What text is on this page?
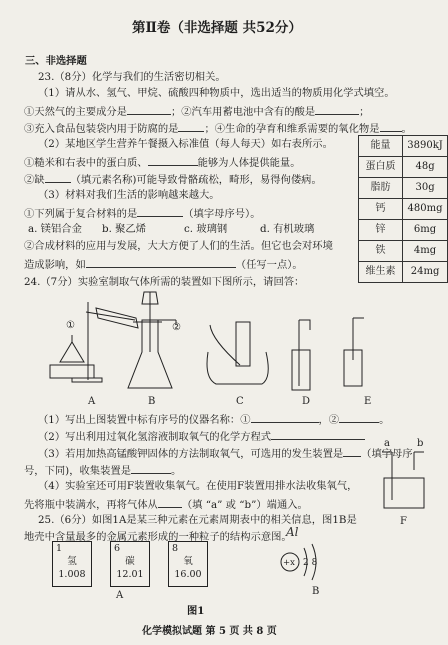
第Ⅱ卷（非选择题 共52分）
三、非选择题
23.（8分）化学与我们的生活密切相关。
（1）请从水、氢气、甲烷、硫酸四种物质中，选出适当的物质用化学式填空。
①天然气的主要成分是	；②汽车用蓄电池中含有的酸是	；
③充入食品包装袋内用于防腐的是	；④生命的孕育和维系需要的氧化物是 。
（2）某地区学生营养午餐摄入标准值（每人每天）如右表所示。
①糙米和右表中的蛋白质、	能够为人体提供能量。
②缺	（填元素名称)可能导致骨骼疏松，畸形，易得佝偻病。
（3）材料对我们生活的影响越来越大。
①下列属于复合材料的是	（填字母序号）。
a. 镁铝合金 b. 聚乙烯	c. 玻璃钢	d. 有机玻璃
②合成材料的应用与发展，大大方便了人们的生活。但它也会对环境
造成影响，如	（任写一点）。
能量	3890kJ
蛋白质	48g
脂肪	30g
钙	480mg
锌	6mg
铁	4mg
维生素	24mg
24.（7分）实验室制取气体所需的装置如下图所示，请回答：
①	②
A	B	C	D	E
a	b
F
+x 2 8
Al
B
A
（1）写出上图装置中标有序号的仪器名称：①	，②	。
（2）写出利用过氧化氢溶液制取氧气的化学方程式
（3）若用加热高锰酸钾固体的方法制取氧气，可选用的发生装置是 （填字母序
号，下同)，收集装置是	。
（4）实验室还可用F装置收集氧气。在使用F装置用排水法收集氧气，
先将瓶中装满水，再将气体从 （填 “a” 或 “b”）端通入。
25.（6分）如图1A是某三种元素在元素周期表中的相关信息，图1B是
地壳中含量最多的金属元素形成的一种粒子的结构示意图。
1
氢
1.008
6
碳
12.01
8
氧
16.00
图1
化学模拟试题 第 5 页 共 8 页
